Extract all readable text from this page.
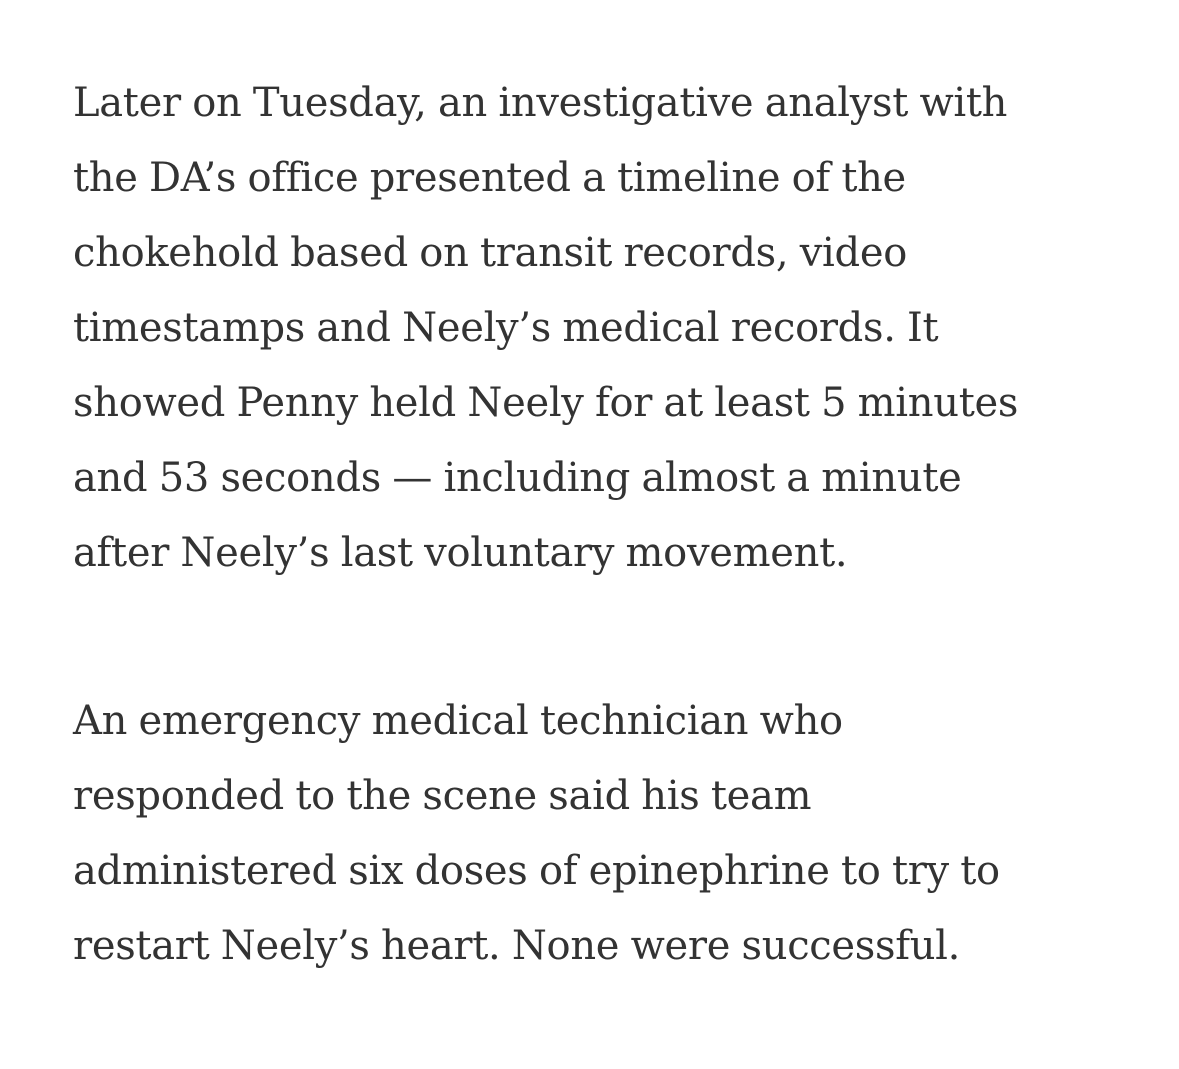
Later on Tuesday, an investigative analyst with
the DA’s office presented a timeline of the
chokehold based on transit records, video
timestamps and Neely’s medical records. It
showed Penny held Neely for at least 5 minutes
and 53 seconds — including almost a minute
after Neely’s last voluntary movement.

An emergency medical technician who
responded to the scene said his team
administered six doses of epinephrine to try to
restart Neely’s heart. None were successful.
